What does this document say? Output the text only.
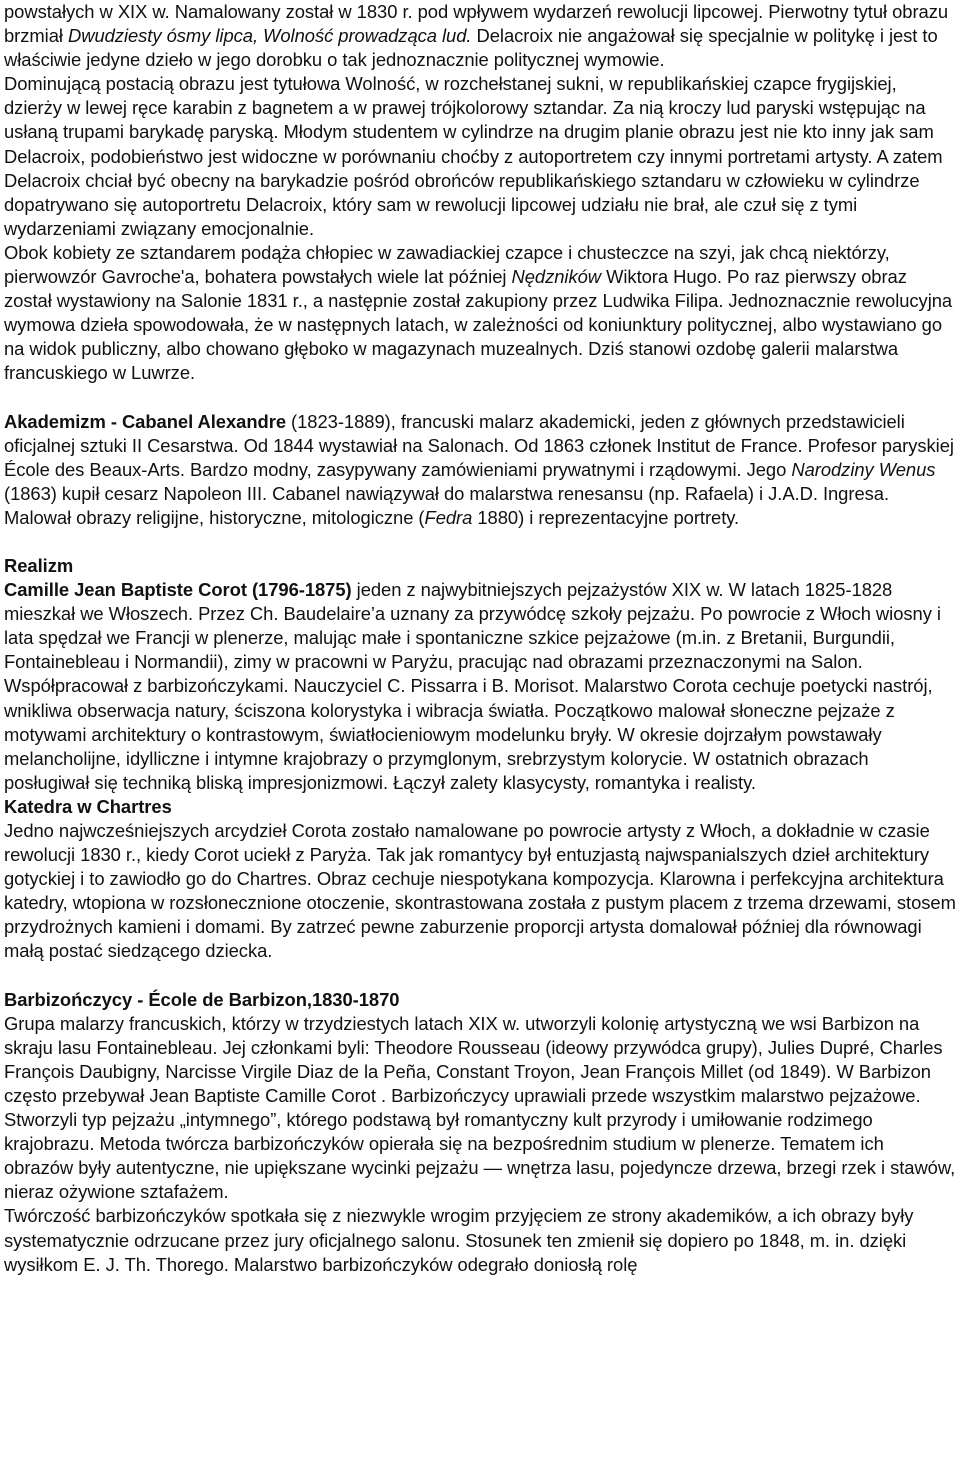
powstałych w XIX w. Namalowany został w 1830 r. pod wpływem wydarzeń rewolucji lipcowej. Pierwotny tytuł obrazu brzmiał Dwudziesty ósmy lipca, Wolność prowadząca lud. Delacroix nie angażował się specjalnie w politykę i jest to właściwie jedyne dzieło w jego dorobku o tak jednoznacznie politycznej wymowie.

Dominującą postacią obrazu jest tytułowa Wolność, w rozchełstanej sukni, w republikańskiej czapce frygijskiej, dzierży w lewej ręce karabin z bagnetem a w prawej trójkolorowy sztandar. Za nią kroczy lud paryski wstępując na usłaną trupami barykadę paryską. Młodym studentem w cylindrze na drugim planie obrazu jest nie kto inny jak sam Delacroix, podobieństwo jest widoczne w porównaniu choćby z autoportretem czy innymi portretami artysty. A zatem Delacroix chciał być obecny na barykadzie pośród obrońców republikańskiego sztandaru w człowieku w cylindrze dopatrywano się autoportretu Delacroix, który sam w rewolucji lipcowej udziału nie brał, ale czuł się z tymi wydarzeniami związany emocjonalnie.

Obok kobiety ze sztandarem podąża chłopiec w zawadiackiej czapce i chusteczce na szyi, jak chcą niektórzy, pierwowzór Gavroche'a, bohatera powstałych wiele lat później Nędzników Wiktora Hugo. Po raz pierwszy obraz został wystawiony na Salonie 1831 r., a następnie został zakupiony przez Ludwika Filipa. Jednoznacznie rewolucyjna wymowa dzieła spowodowała, że w następnych latach, w zależności od koniunktury politycznej, albo wystawiano go na widok publiczny, albo chowano głęboko w magazynach muzealnych. Dziś stanowi ozdobę galerii malarstwa francuskiego w Luwrze.

Akademizm - Cabanel Alexandre (1823-1889), francuski malarz akademicki, jeden z głównych przedstawicieli oficjalnej sztuki II Cesarstwa. Od 1844 wystawiał na Salonach. Od 1863 członek Institut de France. Profesor paryskiej École des Beaux-Arts. Bardzo modny, zasypywany zamówieniami prywatnymi i rządowymi. Jego Narodziny Wenus (1863) kupił cesarz Napoleon III. Cabanel nawiązywał do malarstwa renesansu (np. Rafaela) i J.A.D. Ingresa. Malował obrazy religijne, historyczne, mitologiczne (Fedra 1880) i reprezentacyjne portrety.

Realizm

Camille Jean Baptiste Corot (1796-1875) jeden z najwybitniejszych pejzażystów XIX w. W latach 1825-1828 mieszkał we Włoszech. Przez Ch. Baudelaire’a uznany za przywódcę szkoły pejzażu. Po powrocie z Włoch wiosny i lata spędzał we Francji w plenerze, malując małe i spontaniczne szkice pejzażowe (m.in. z Bretanii, Burgundii, Fontainebleau i Normandii), zimy w pracowni w Paryżu, pracując nad obrazami przeznaczonymi na Salon. Współpracował z barbizończykami. Nauczyciel C. Pissarra i B. Morisot. Malarstwo Corota cechuje poetycki nastrój, wnikliwa obserwacja natury, ściszona kolorystyka i wibracja światła. Początkowo malował słoneczne pejzaże z motywami architektury o kontrastowym, światłocieniowym modelunku bryły. W okresie dojrzałym powstawały melancholijne, idylliczne i intymne krajobrazy o przymglonym, srebrzystym kolorycie. W ostatnich obrazach posługiwał się techniką bliską impresjonizmowi. Łączył zalety klasycysty, romantyka i realisty.

Katedra w Chartres

Jedno najwcześniejszych arcydzieł Corota zostało namalowane po powrocie artysty z Włoch, a dokładnie w czasie rewolucji 1830 r., kiedy Corot uciekł z Paryża. Tak jak romantycy był entuzjastą najwspanialszych dzieł architektury gotyckiej i to zawiodło go do Chartres. Obraz cechuje niespotykana kompozycja. Klarowna i perfekcyjna architektura katedry, wtopiona w rozsłonecznione otoczenie, skontrastowana została z pustym placem z trzema drzewami, stosem przydrożnych kamieni i domami. By zatrzeć pewne zaburzenie proporcji artysta domalował później dla równowagi małą postać siedzącego dziecka.

Barbizończycy - École de Barbizon,1830-1870

Grupa malarzy francuskich, którzy w trzydziestych latach XIX w. utworzyli kolonię artystyczną we wsi Barbizon na skraju lasu Fontainebleau. Jej członkami byli: Theodore Rousseau (ideowy przywódca grupy), Julies Dupré, Charles François Daubigny, Narcisse Virgile Diaz de la Peña, Constant Troyon, Jean François Millet (od 1849). W Barbizon często przebywał Jean Baptiste Camille Corot . Barbizończycy uprawiali przede wszystkim malarstwo pejzażowe. Stworzyli typ pejzażu „intymnego”, którego podstawą był romantyczny kult przyrody i umiłowanie rodzimego krajobrazu. Metoda twórcza barbizończyków opierała się na bezpośrednim studium w plenerze. Tematem ich obrazów były autentyczne, nie upiększane wycinki pejzażu — wnętrza lasu, pojedyncze drzewa, brzegi rzek i stawów, nieraz ożywione sztafażem.

Twórczość barbizończyków spotkała się z niezwykle wrogim przyjęciem ze strony akademików, a ich obrazy były systematycznie odrzucane przez jury oficjalnego salonu. Stosunek ten zmienił się dopiero po 1848, m. in. dzięki wysiłkom E. J. Th. Thorego. Malarstwo barbizończyków odegrało doniosłą rolę
